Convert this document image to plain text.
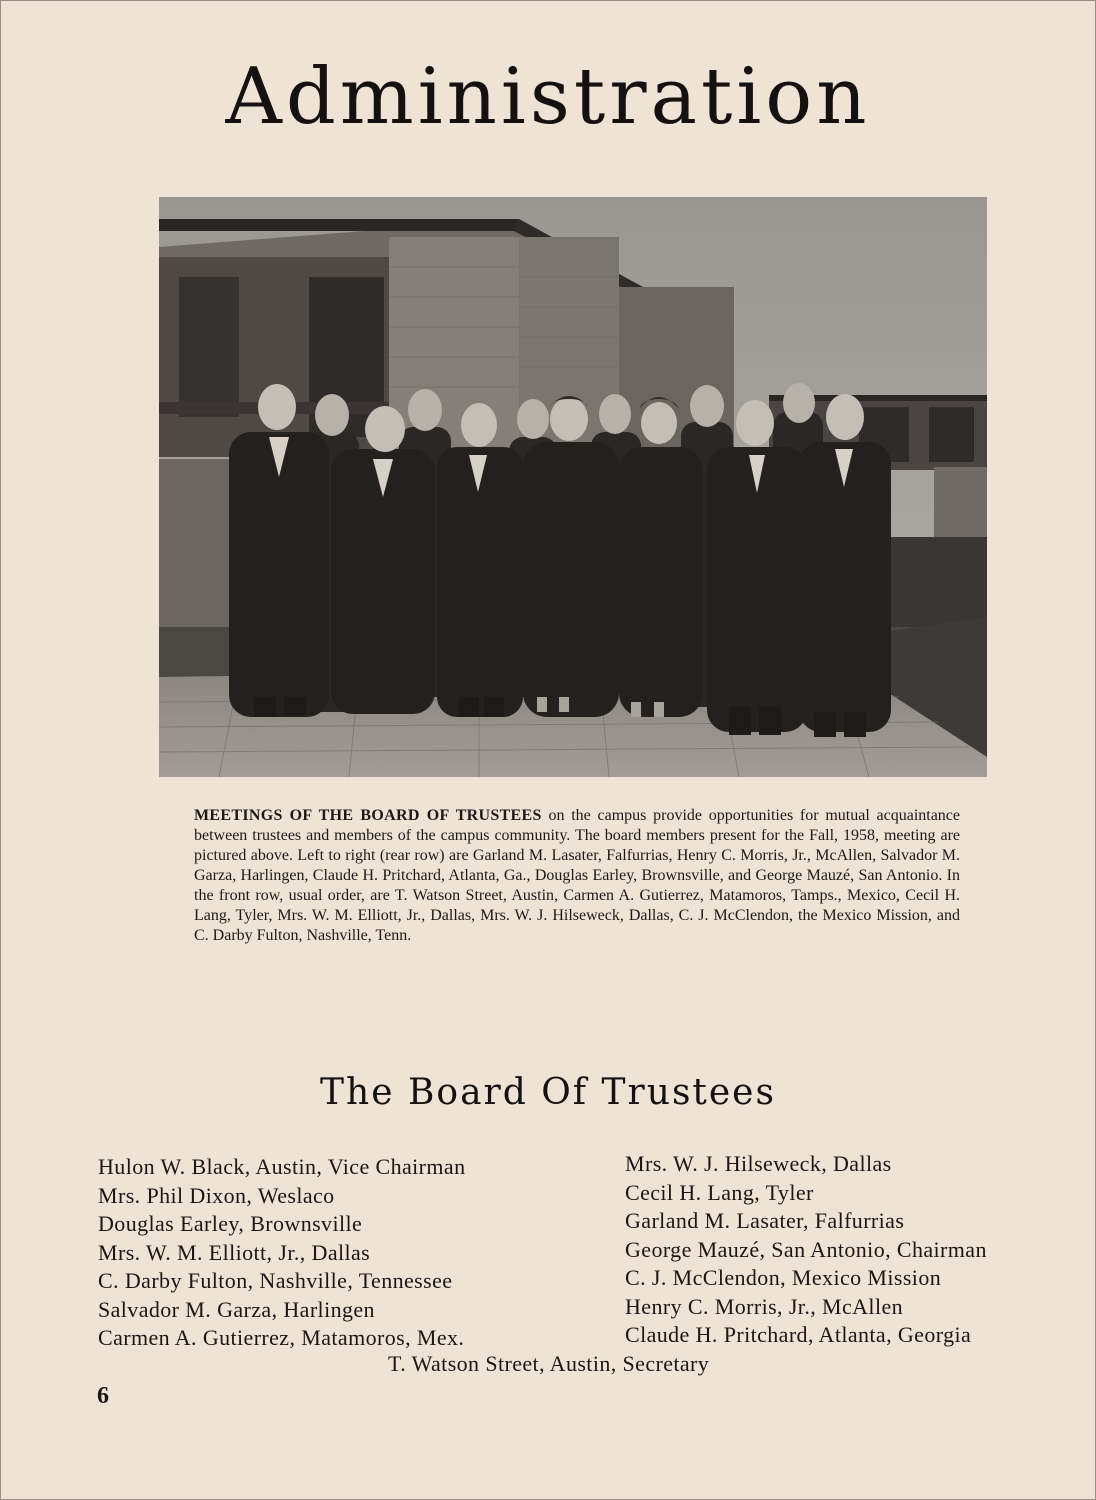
Administration
MEETINGS OF THE BOARD OF TRUSTEES on the campus provide opportunities for mutual acquaintance between trustees and members of the campus community. The board members present for the Fall, 1958, meeting are pictured above. Left to right (rear row) are Garland M. Lasater, Falfurrias, Henry C. Morris, Jr., McAllen, Salvador M. Garza, Harlingen, Claude H. Pritchard, Atlanta, Ga., Douglas Earley, Brownsville, and George Mauzé, San Antonio. In the front row, usual order, are T. Watson Street, Austin, Carmen A. Gutierrez, Matamoros, Tamps., Mexico, Cecil H. Lang, Tyler, Mrs. W. M. Elliott, Jr., Dallas, Mrs. W. J. Hilseweck, Dallas, C. J. McClendon, the Mexico Mission, and C. Darby Fulton, Nashville, Tenn.
The Board Of Trustees
Hulon W. Black, Austin, Vice Chairman
Mrs. Phil Dixon, Weslaco
Douglas Earley, Brownsville
Mrs. W. M. Elliott, Jr., Dallas
C. Darby Fulton, Nashville, Tennessee
Salvador M. Garza, Harlingen
Carmen A. Gutierrez, Matamoros, Mex.
Mrs. W. J. Hilseweck, Dallas
Cecil H. Lang, Tyler
Garland M. Lasater, Falfurrias
George Mauzé, San Antonio, Chairman
C. J. McClendon, Mexico Mission
Henry C. Morris, Jr., McAllen
Claude H. Pritchard, Atlanta, Georgia
T. Watson Street, Austin, Secretary
6
